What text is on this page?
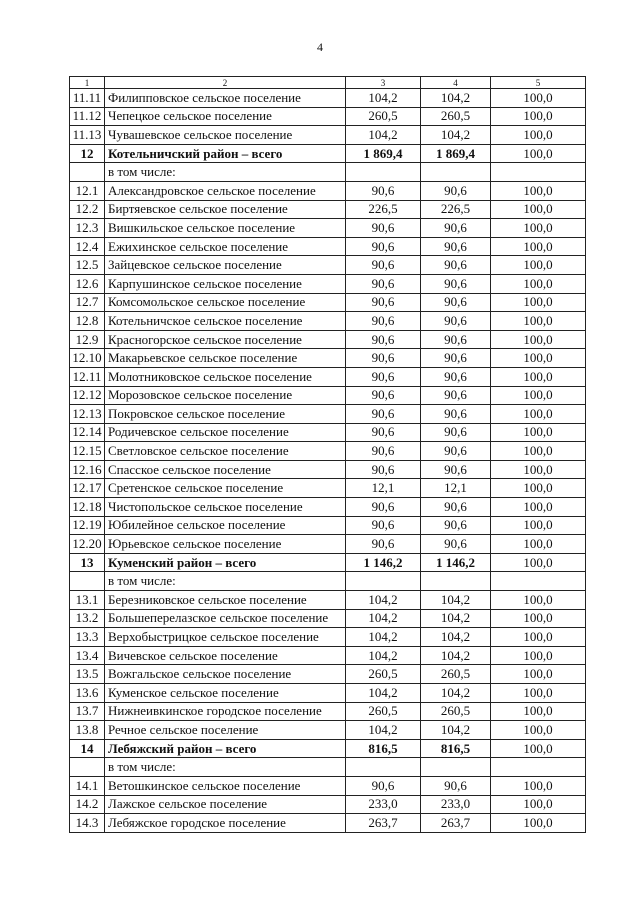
4
1	2	3	4	5
11.11	Филипповское сельское поселение	104,2	104,2	100,0
11.12	Чепецкое сельское поселение	260,5	260,5	100,0
11.13	Чувашевское сельское поселение	104,2	104,2	100,0
12	Котельничский район – всего	1 869,4	1 869,4	100,0
	в том числе:			
12.1	Александровское сельское поселение	90,6	90,6	100,0
12.2	Биртяевское сельское поселение	226,5	226,5	100,0
12.3	Вишкильское сельское поселение	90,6	90,6	100,0
12.4	Ежихинское сельское поселение	90,6	90,6	100,0
12.5	Зайцевское сельское поселение	90,6	90,6	100,0
12.6	Карпушинское сельское поселение	90,6	90,6	100,0
12.7	Комсомольское сельское поселение	90,6	90,6	100,0
12.8	Котельничское сельское поселение	90,6	90,6	100,0
12.9	Красногорское сельское поселение	90,6	90,6	100,0
12.10	Макарьевское сельское поселение	90,6	90,6	100,0
12.11	Молотниковское сельское поселение	90,6	90,6	100,0
12.12	Морозовское сельское поселение	90,6	90,6	100,0
12.13	Покровское сельское поселение	90,6	90,6	100,0
12.14	Родичевское сельское поселение	90,6	90,6	100,0
12.15	Светловское сельское поселение	90,6	90,6	100,0
12.16	Спасское сельское поселение	90,6	90,6	100,0
12.17	Сретенское сельское поселение	12,1	12,1	100,0
12.18	Чистопольское сельское поселение	90,6	90,6	100,0
12.19	Юбилейное сельское поселение	90,6	90,6	100,0
12.20	Юрьевское сельское поселение	90,6	90,6	100,0
13	Куменский район – всего	1 146,2	1 146,2	100,0
	в том числе:			
13.1	Березниковское сельское поселение	104,2	104,2	100,0
13.2	Большеперелазское сельское поселение	104,2	104,2	100,0
13.3	Верхобыстрицкое сельское поселение	104,2	104,2	100,0
13.4	Вичевское сельское поселение	104,2	104,2	100,0
13.5	Вожгальское сельское поселение	260,5	260,5	100,0
13.6	Куменское сельское поселение	104,2	104,2	100,0
13.7	Нижнеивкинское городское поселение	260,5	260,5	100,0
13.8	Речное сельское поселение	104,2	104,2	100,0
14	Лебяжский район – всего	816,5	816,5	100,0
	в том числе:			
14.1	Ветошкинское сельское поселение	90,6	90,6	100,0
14.2	Лажское сельское поселение	233,0	233,0	100,0
14.3	Лебяжское городское поселение	263,7	263,7	100,0
